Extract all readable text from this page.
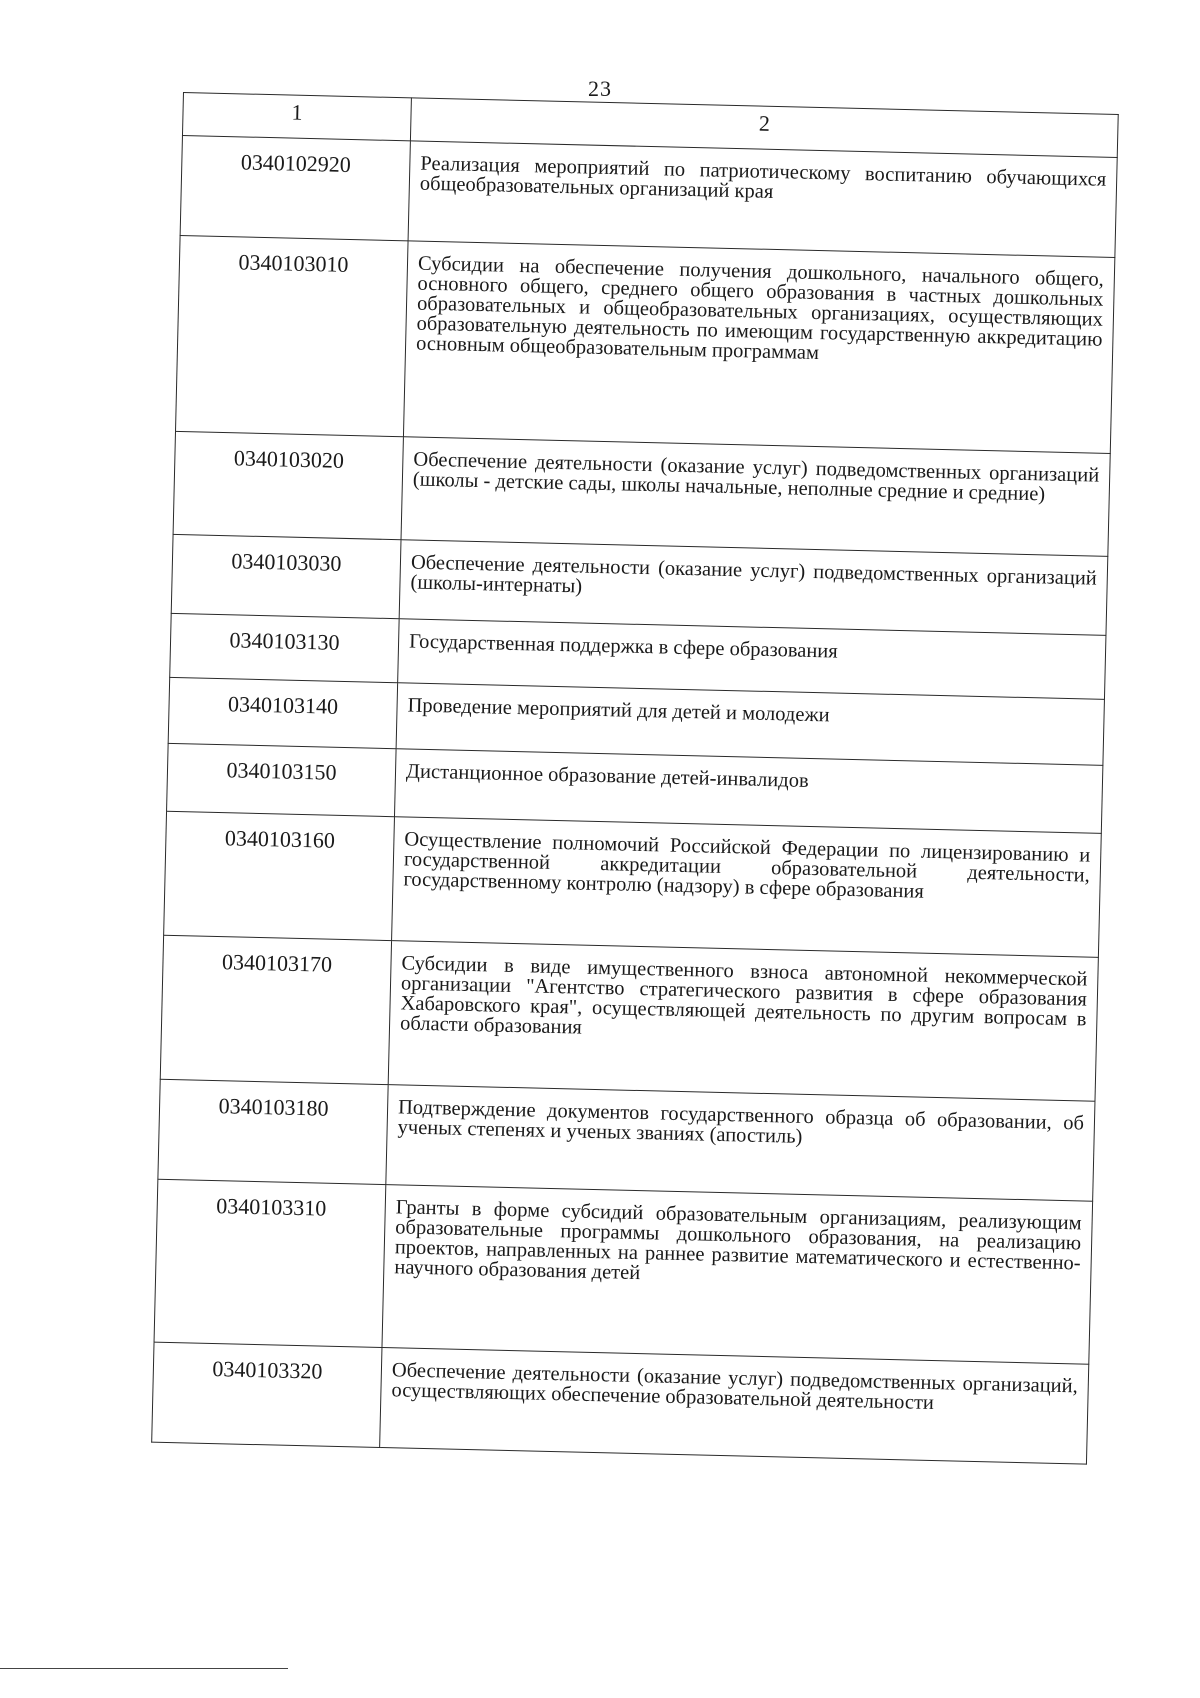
23
1	2
0340102920	Реализация мероприятий по патриотическому воспитанию обучающихся общеобразовательных организаций края
0340103010	Субсидии на обеспечение получения дошкольного, начального общего, основного общего, среднего общего образования в частных дошкольных образовательных и общеобразовательных организациях, осуществляющих образовательную деятельность по имеющим государственную аккредитацию основным общеобразовательным программам
0340103020	Обеспечение деятельности (оказание услуг) подведомственных организаций (школы - детские сады, школы начальные, неполные средние и средние)
0340103030	Обеспечение деятельности (оказание услуг) подведомственных организаций (школы-интернаты)
0340103130	Государственная поддержка в сфере образования
0340103140	Проведение мероприятий для детей и молодежи
0340103150	Дистанционное образование детей-инвалидов
0340103160	Осуществление полномочий Российской Федерации по лицензированию и государственной аккредитации образовательной деятельности, государственному контролю (надзору) в сфере образования
0340103170	Субсидии в виде имущественного взноса автономной некоммерческой организации "Агентство стратегического развития в сфере образования Хабаровского края", осуществляющей деятельность по другим вопросам в области образования
0340103180	Подтверждение документов государственного образца об образовании, об ученых степенях и ученых званиях (апостиль)
0340103310	Гранты в форме субсидий образовательным организациям, реализующим образовательные программы дошкольного образования, на реализацию проектов, направленных на раннее развитие математического и естественно-научного образования детей
0340103320	Обеспечение деятельности (оказание услуг) подведомственных организаций, осуществляющих обеспечение образовательной деятельности
